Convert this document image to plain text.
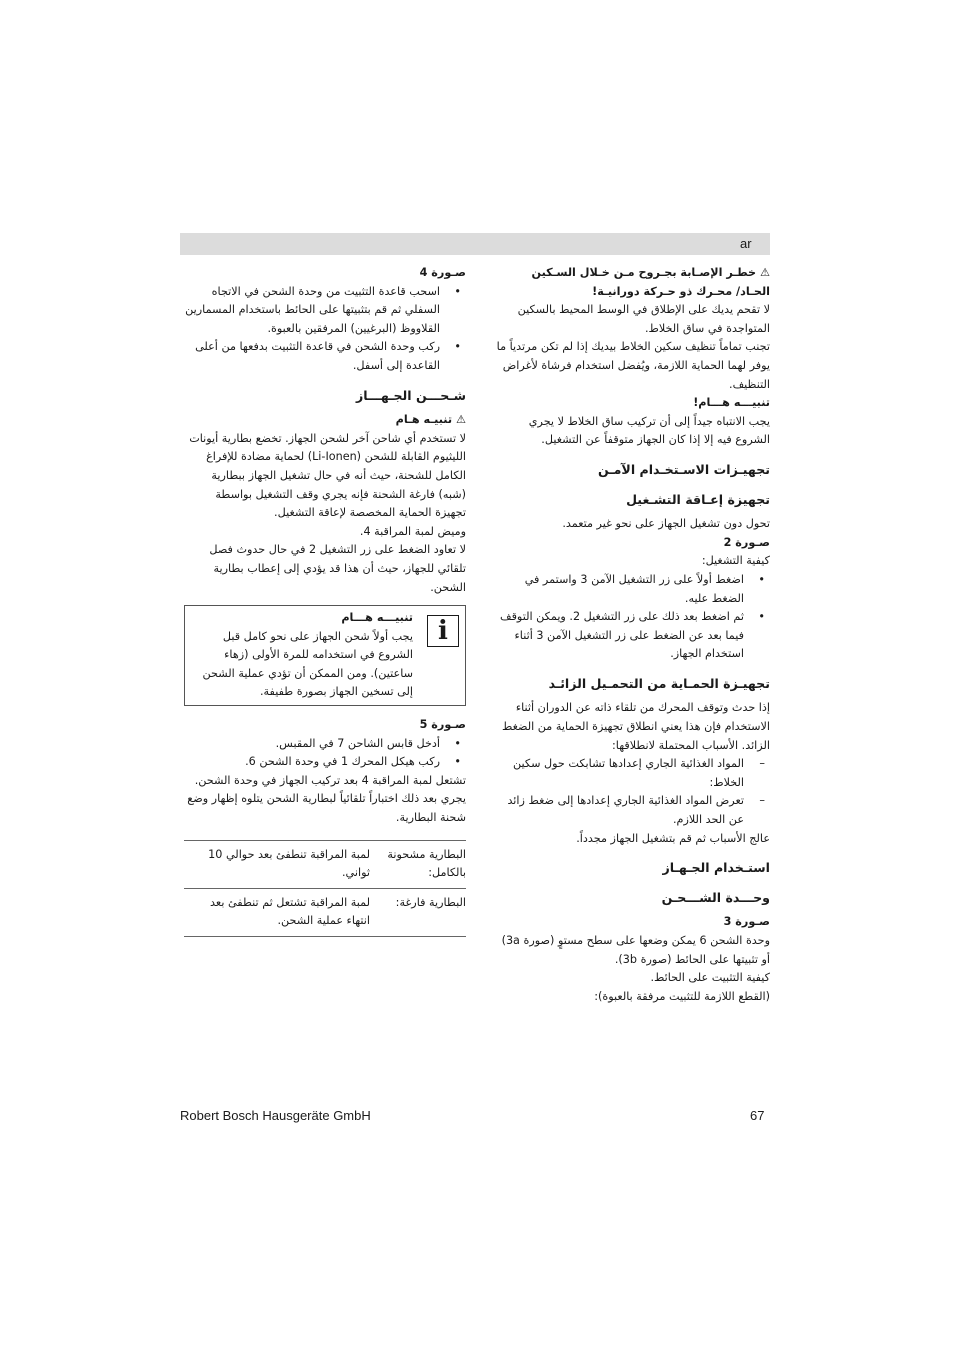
ar

⚠ خطـر الإصـابة بجـروح مـن خـلال السـكين الحـاد/ محـرك ذو حـركة دورانيـة!

لا تقحم يديك على الإطلاق في الوسط المحيط بالسكين المتواجدة في ساق الخلاط.

تجنب تماماً تنظيف سكين الخلاط بيديك إذا لم تكن مرتدياً ما يوفر لهما الحماية اللازمة، ويُفضل استخدام فرشاة لأغراض التنظيف.

تنبيـــه هـــام!

يجب الانتباه جيداً إلى أن تركيب ساق الخلاط لا يجري الشروع فيه إلا إذا كان الجهاز متوقفاً عن التشغيل.

تجهيـزات الاسـتخـدام الآمـن

تجهيزة إعـاقة التشـغيل

تحول دون تشغيل الجهاز على نحو غير متعمد.

صـورة 2

كيفية التشغيل:

• اضغط أولاً على زر التشغيل الآمن 3 واستمر في الضغط عليه.
• ثم اضغط بعد ذلك على زر التشغيل 2. ويمكن التوقف فيما بعد عن الضغط على زر التشغيل الآمن 3 أثناء استخدام الجهاز.

تجهيـزة الحمـاية من التحمـيل الزائـد

إذا حدث وتوقف المحرك من تلقاء ذاته عن الدوران أثناء الاستخدام فإن هذا يعني انطلاق تجهيزة الحماية من الضغط الزائد. الأسباب المحتملة لانطلاقها:

– المواد الغذائية الجاري إعدادها تشابكت حول سكين الخلاط:
– تعرض المواد الغذائية الجاري إعدادها إلى ضغط زائد عن الحد اللازم.

عالج الأسباب ثم قم بتشغيل الجهاز مجدداً.

استـخدام الجـهـاز

وحـــدة الشـــحـن

صـورة 3

وحدة الشحن 6 يمكن وضعها على سطح مستوٍ (صورة 3a) أو تثبيتها على الحائط (صورة 3b).

كيفية التثبيت على الحائط.

(القطع اللازمة للتثبيت مرفقة بالعبوة):

صـورة 4

• اسحب قاعدة التثبيت من وحدة الشحن في الاتجاه السفلي ثم قم بتثبيتها على الحائط باستخدام المسمارين القلاووظ (البرغيين) المرفقين بالعبوة.
• ركب وحدة الشحن في قاعدة التثبيت بدفعها من أعلى القاعدة إلى أسفل.

شـحـــن الجـهـــاز

⚠ تنبيـه هـام

لا تستخدم أي شاحن آخر لشحن الجهاز. تخضع بطارية أيونات الليثيوم القابلة للشحن (Li-Ionen) لحماية مضادة للإفراغ الكامل للشحنة، حيث أنه في حال تشغيل الجهاز ببطارية (شبه) فارغة الشحنة فإنه يجري وقف التشغيل بواسطة تجهيزة الحماية المخصصة لإعاقة التشغيل.

ومیض لمبة المراقبة 4.

لا تعاود الضغط على زر التشغيل 2 في حال حدوث فصل تلقائي للجهاز، حيث أن هذا قد يؤدي إلى إعطاب بطارية الشحن.

i

تنبيـــه هـــام

يجب أولاً شحن الجهاز على نحو كامل قبل الشروع في استخدامه للمرة الأولى (زهاء ساعتين). ومن الممكن أن تؤدي عملية الشحن إلى تسخين الجهاز بصورة طفيفة.

صـورة 5

• أدخل قابس الشاحن 7 في المقبس.
• ركب هيكل المحرك 1 في وحدة الشحن 6.

تشتعل لمبة المراقبة 4 بعد تركيب الجهاز في وحدة الشحن. يجري بعد ذلك اختباراً تلقائياً لبطارية الشحن يتلوه إظهار وضع شحنة البطارية.

البطارية مشحونة بالكامل:	لمبة المراقبة تنطفئ بعد حوالي 10 ثواني.
البطارية فارغة:	لمبة المراقبة تشتعل ثم تنطفئ بعد انتهاء عملية الشحن.
Robert Bosch Hausgeräte GmbH	67
